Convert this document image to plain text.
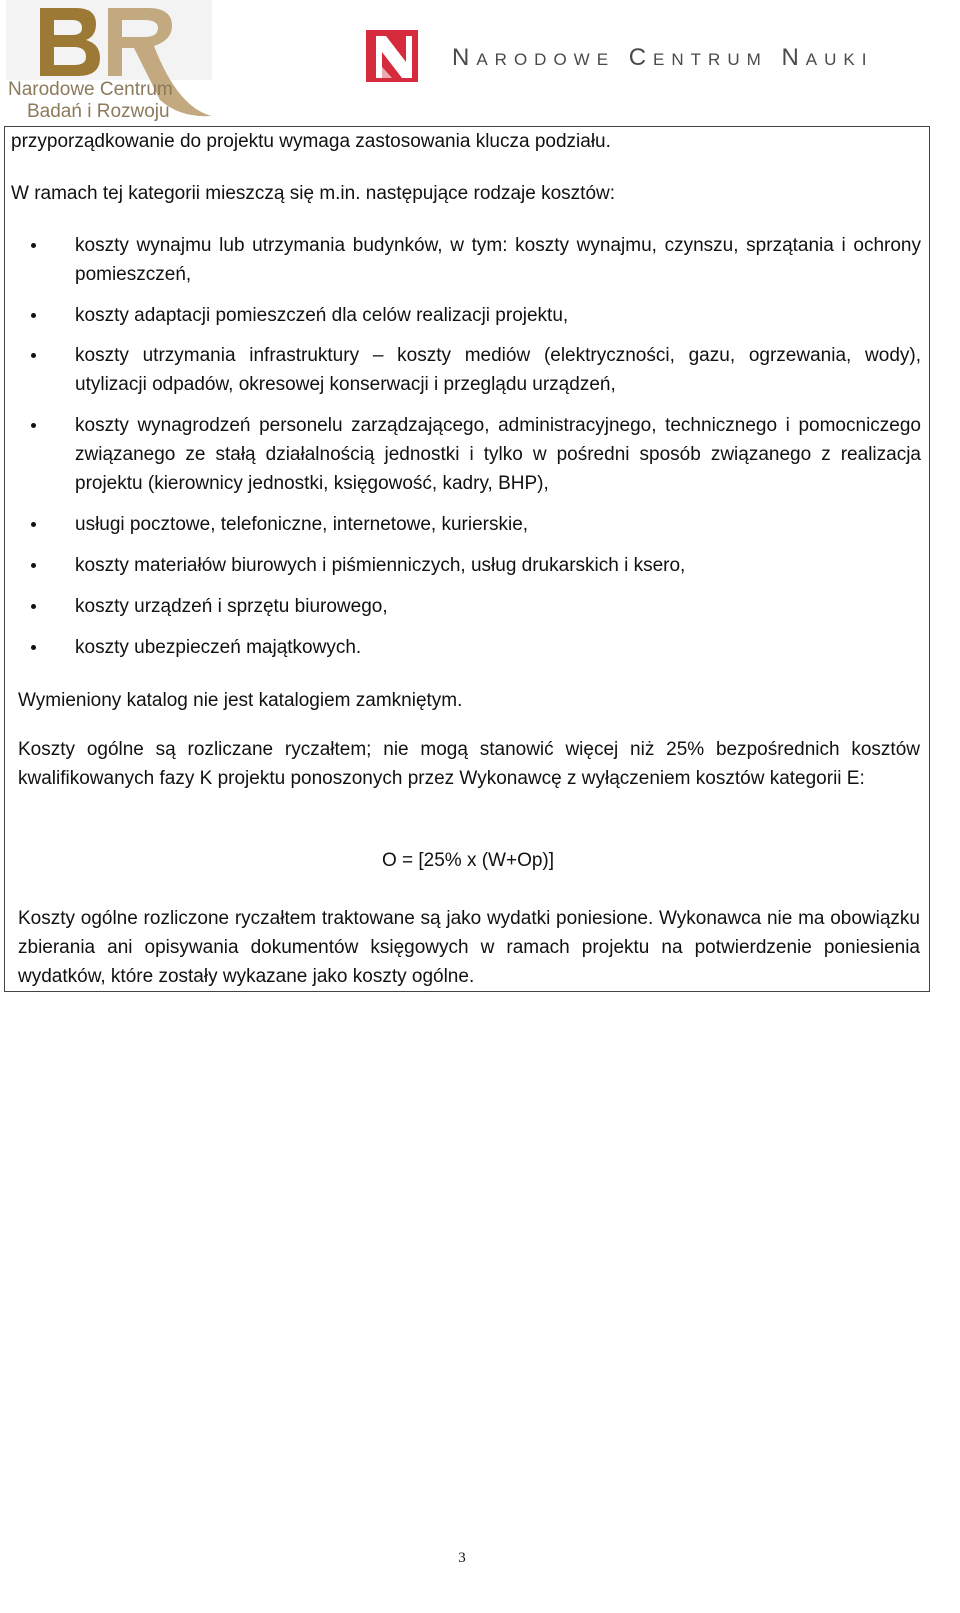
Narodowe Centrum
Badań i Rozwoju
Narodowe Centrum Nauki

przyporządkowanie do projektu wymaga zastosowania klucza podziału.

W ramach tej kategorii mieszczą się m.in. następujące rodzaje kosztów:

koszty wynajmu lub utrzymania budynków, w tym: koszty wynajmu, czynszu, sprzątania i ochrony pomieszczeń,
koszty adaptacji pomieszczeń dla celów realizacji projektu,
koszty utrzymania infrastruktury – koszty mediów (elektryczności, gazu, ogrzewania, wody), utylizacji odpadów, okresowej konserwacji i przeglądu urządzeń,
koszty wynagrodzeń personelu zarządzającego, administracyjnego, technicznego i pomocniczego związanego ze stałą działalnością jednostki i tylko w pośredni sposób związanego z realizacja projektu (kierownicy jednostki, księgowość, kadry, BHP),
usługi pocztowe, telefoniczne, internetowe, kurierskie,
koszty materiałów biurowych i piśmienniczych, usług drukarskich i ksero,
koszty urządzeń i sprzętu biurowego,
koszty ubezpieczeń majątkowych.

Wymieniony katalog nie jest katalogiem zamkniętym.

Koszty ogólne są rozliczane ryczałtem; nie mogą stanowić więcej niż 25% bezpośrednich kosztów kwalifikowanych fazy K projektu ponoszonych przez Wykonawcę z wyłączeniem kosztów kategorii E:

O = [25% x (W+Op)]

Koszty ogólne rozliczone ryczałtem traktowane są jako wydatki poniesione. Wykonawca nie ma obowiązku zbierania ani opisywania dokumentów księgowych w ramach projektu na potwierdzenie poniesienia wydatków, które zostały wykazane jako koszty ogólne.

3
